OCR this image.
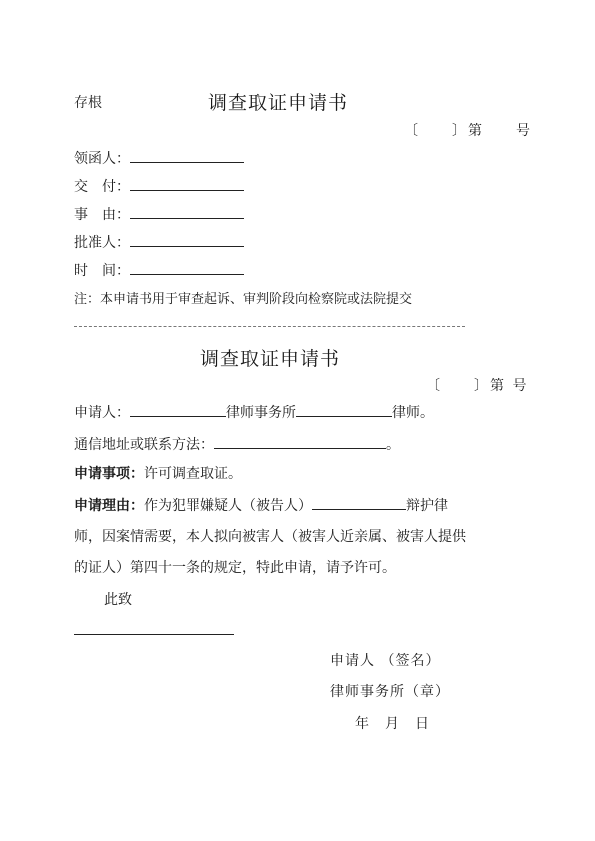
存根	调查取证申请书
〔　　〕第　　号
领函人：
交　付：
事　由：
批准人：
时　间：
注：本申请书用于审查起诉、审判阶段向检察院或法院提交
调查取证申请书
〔　　〕第 号
申请人：	律师事务所	律师。
通信地址或联系方法：	。
申请事项：许可调查取证。
申请理由：作为犯罪嫌疑人（被告人）	辩护律
师，因案情需要，本人拟向被害人（被害人近亲属、被害人提供
的证人）第四十一条的规定，特此申请，请予许可。
此致
申请人 （签名）
律师事务所（章）
年　月　日
